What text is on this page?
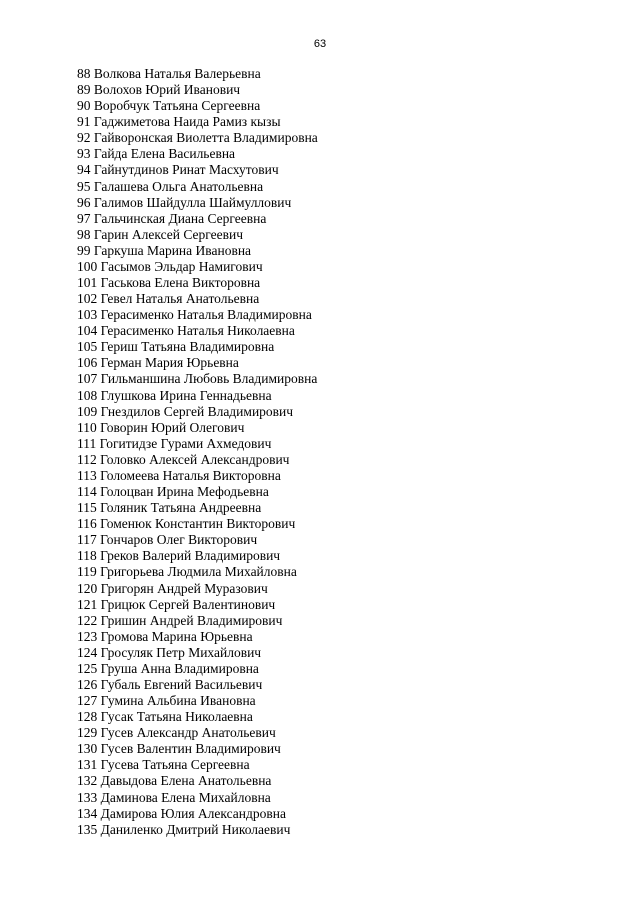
63
88 Волкова Наталья Валерьевна
89 Волохов Юрий Иванович
90 Воробчук Татьяна Сергеевна
91 Гаджиметова Наида Рамиз кызы
92 Гайворонская Виолетта Владимировна
93 Гайда Елена Васильевна
94 Гайнутдинов Ринат Масхутович
95 Галашева Ольга Анатольевна
96 Галимов Шайдулла Шаймуллович
97 Гальчинская Диана Сергеевна
98 Гарин Алексей Сергеевич
99 Гаркуша Марина Ивановна
100 Гасымов Эльдар Намигович
101 Гаськова Елена Викторовна
102 Гевел Наталья Анатольевна
103 Герасименко Наталья Владимировна
104 Герасименко Наталья Николаевна
105 Гериш Татьяна Владимировна
106 Герман Мария Юрьевна
107 Гильманшина Любовь Владимировна
108 Глушкова Ирина Геннадьевна
109 Гнездилов Сергей Владимирович
110 Говорин Юрий Олегович
111 Гогитидзе Гурами Ахмедович
112 Головко Алексей Александрович
113 Голомеева Наталья Викторовна
114 Голоцван Ирина Мефодьевна
115 Голяник Татьяна Андреевна
116 Гоменюк Константин Викторович
117 Гончаров Олег Викторович
118 Греков Валерий Владимирович
119 Григорьева Людмила Михайловна
120 Григорян Андрей Муразович
121 Грицюк Сергей Валентинович
122 Гришин Андрей Владимирович
123 Громова Марина Юрьевна
124 Гросуляк Петр Михайлович
125 Груша Анна Владимировна
126 Губаль Евгений Васильевич
127 Гумина Альбина Ивановна
128 Гусак Татьяна Николаевна
129 Гусев Александр Анатольевич
130 Гусев Валентин Владимирович
131 Гусева Татьяна Сергеевна
132 Давыдова Елена Анатольевна
133 Даминова Елена Михайловна
134 Дамирова Юлия Александровна
135 Даниленко Дмитрий Николаевич
